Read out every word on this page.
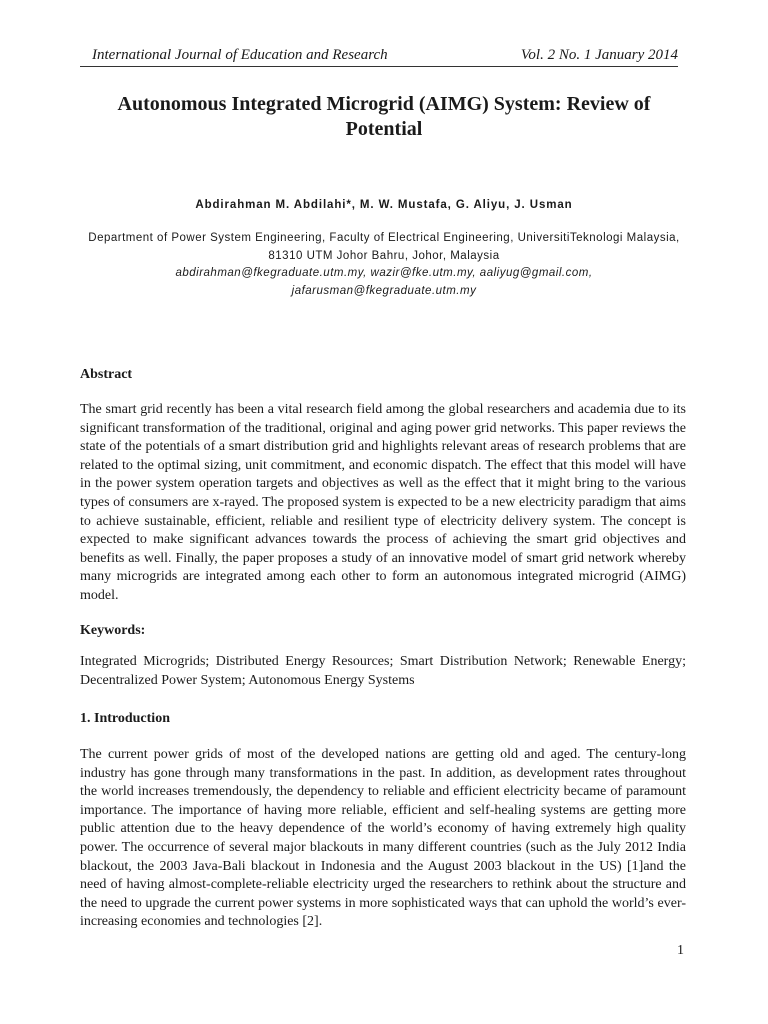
International Journal of Education and Research	Vol. 2 No. 1 January 2014
Autonomous Integrated Microgrid (AIMG) System: Review of Potential
Abdirahman M. Abdilahi*, M. W. Mustafa, G. Aliyu, J. Usman
Department of Power System Engineering, Faculty of Electrical Engineering, UniversitiTeknologi Malaysia,
81310 UTM Johor Bahru, Johor, Malaysia
abdirahman@fkegraduate.utm.my, wazir@fke.utm.my, aaliyug@gmail.com,
jafarusman@fkegraduate.utm.my
Abstract

The smart grid recently has been a vital research field among the global researchers and academia due to its significant transformation of the traditional, original and aging power grid networks. This paper reviews the state of the potentials of a smart distribution grid and highlights relevant areas of research problems that are related to the optimal sizing, unit commitment, and economic dispatch. The effect that this model will have in the power system operation targets and objectives as well as the effect that it might bring to the various types of consumers are x-rayed. The proposed system is expected to be a new electricity paradigm that aims to achieve sustainable, efficient, reliable and resilient type of electricity delivery system. The concept is expected to make significant advances towards the process of achieving the smart grid objectives and benefits as well. Finally, the paper proposes a study of an innovative model of smart grid network whereby many microgrids are integrated among each other to form an autonomous integrated microgrid (AIMG) model.

Keywords:

Integrated Microgrids; Distributed Energy Resources; Smart Distribution Network; Renewable Energy; Decentralized Power System; Autonomous Energy Systems

1. Introduction

The current power grids of most of the developed nations are getting old and aged. The century-long industry has gone through many transformations in the past. In addition, as development rates throughout the world increases tremendously, the dependency to reliable and efficient electricity became of paramount importance. The importance of having more reliable, efficient and self-healing systems are getting more public attention due to the heavy dependence of the world’s economy of having extremely high quality power. The occurrence of several major blackouts in many different countries (such as the July 2012 India blackout, the 2003 Java-Bali blackout in Indonesia and the August 2003 blackout in the US) [1]and the need of having almost-complete-reliable electricity urged the researchers to rethink about the structure and the need to upgrade the current power systems in more sophisticated ways that can uphold the world’s ever-increasing economies and technologies [2].

1
